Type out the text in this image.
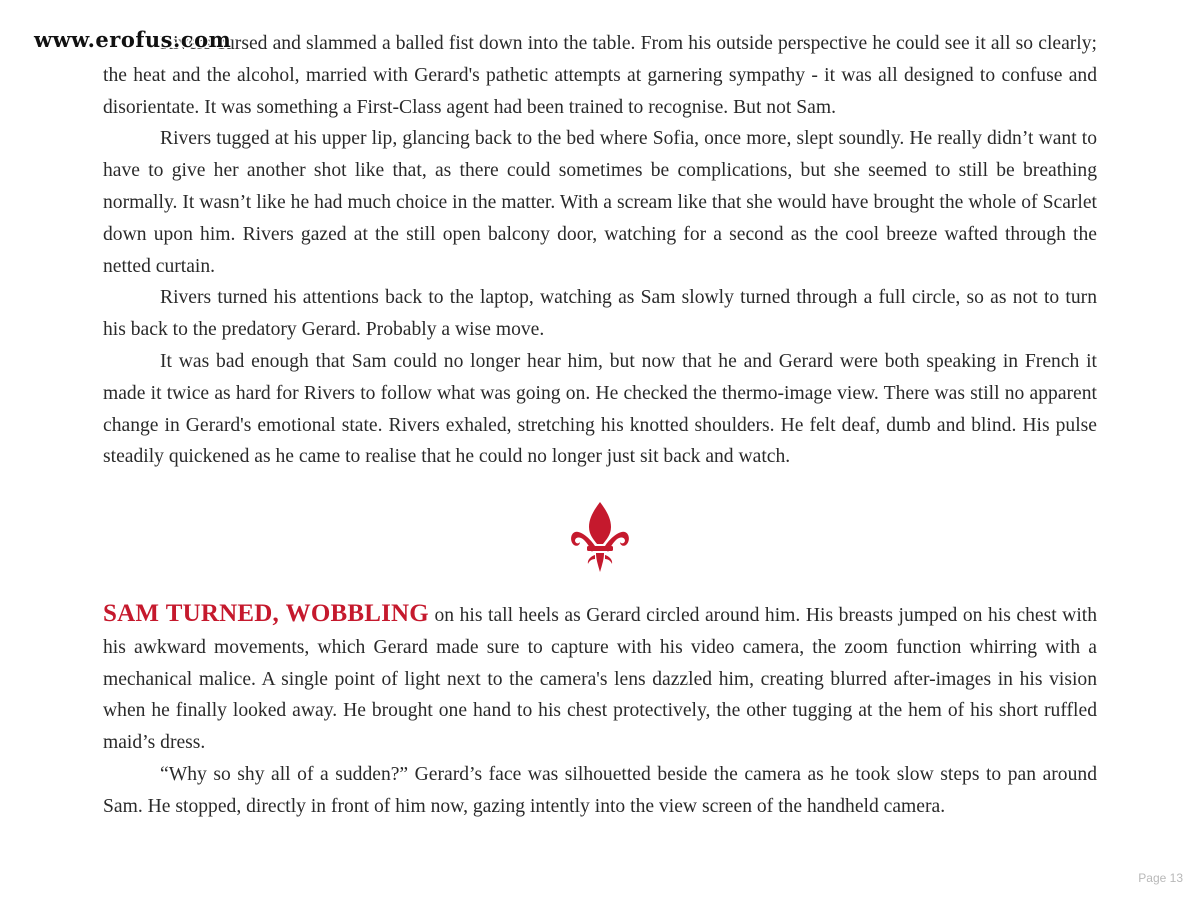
www.erofus.com

Rivers cursed and slammed a balled fist down into the table. From his outside perspective he could see it all so clearly; the heat and the alcohol, married with Gerard's pathetic attempts at garnering sympathy - it was all designed to confuse and disorientate. It was something a First-Class agent had been trained to recognise. But not Sam.

Rivers tugged at his upper lip, glancing back to the bed where Sofia, once more, slept soundly. He really didn’t want to have to give her another shot like that, as there could sometimes be complications, but she seemed to still be breathing normally. It wasn’t like he had much choice in the matter. With a scream like that she would have brought the whole of Scarlet down upon him. Rivers gazed at the still open balcony door, watching for a second as the cool breeze wafted through the netted curtain.

Rivers turned his attentions back to the laptop, watching as Sam slowly turned through a full circle, so as not to turn his back to the predatory Gerard. Probably a wise move.

It was bad enough that Sam could no longer hear him, but now that he and Gerard were both speaking in French it made it twice as hard for Rivers to follow what was going on. He checked the thermo-image view. There was still no apparent change in Gerard's emotional state. Rivers exhaled, stretching his knotted shoulders. He felt deaf, dumb and blind. His pulse steadily quickened as he came to realise that he could no longer just sit back and watch.

SAM TURNED, WOBBLING on his tall heels as Gerard circled around him. His breasts jumped on his chest with his awkward movements, which Gerard made sure to capture with his video camera, the zoom function whirring with a mechanical malice. A single point of light next to the camera's lens dazzled him, creating blurred after-images in his vision when he finally looked away. He brought one hand to his chest protectively, the other tugging at the hem of his short ruffled maid’s dress.

“Why so shy all of a sudden?” Gerard’s face was silhouetted beside the camera as he took slow steps to pan around Sam. He stopped, directly in front of him now, gazing intently into the view screen of the handheld camera.

Page 13
